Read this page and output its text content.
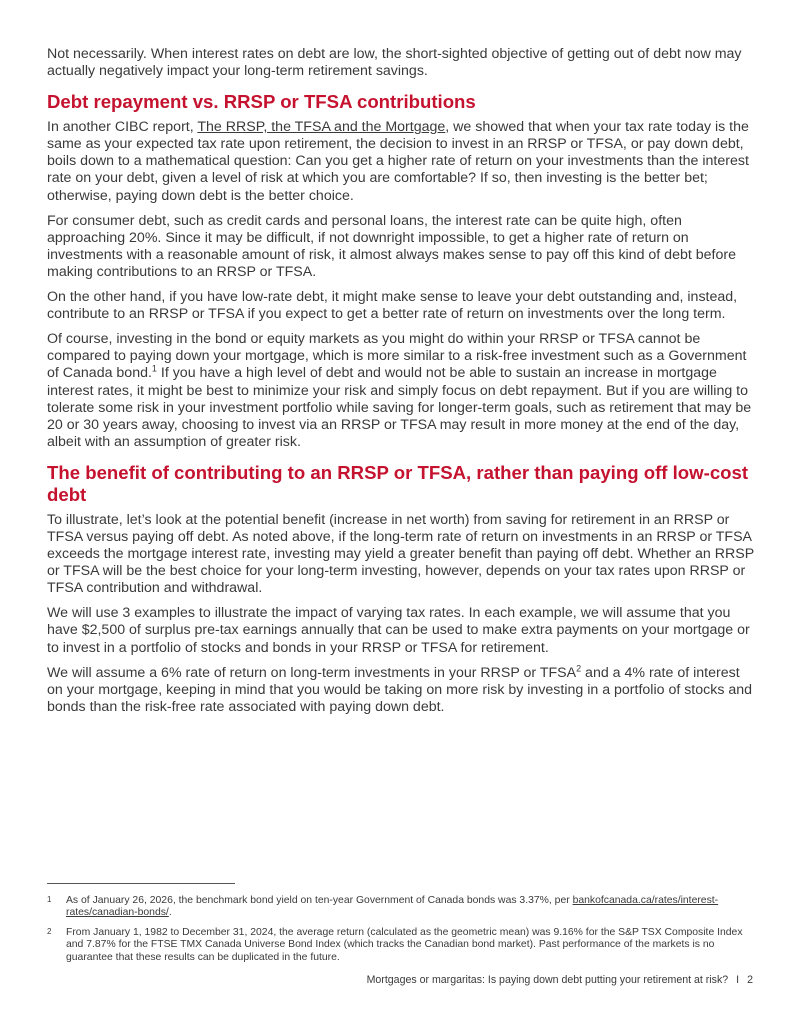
Not necessarily. When interest rates on debt are low, the short-sighted objective of getting out of debt now may actually negatively impact your long-term retirement savings.

Debt repayment vs. RRSP or TFSA contributions

In another CIBC report, The RRSP, the TFSA and the Mortgage, we showed that when your tax rate today is the same as your expected tax rate upon retirement, the decision to invest in an RRSP or TFSA, or pay down debt, boils down to a mathematical question: Can you get a higher rate of return on your investments than the interest rate on your debt, given a level of risk at which you are comfortable? If so, then investing is the better bet; otherwise, paying down debt is the better choice.

For consumer debt, such as credit cards and personal loans, the interest rate can be quite high, often approaching 20%. Since it may be difficult, if not downright impossible, to get a higher rate of return on investments with a reasonable amount of risk, it almost always makes sense to pay off this kind of debt before making contributions to an RRSP or TFSA.

On the other hand, if you have low-rate debt, it might make sense to leave your debt outstanding and, instead, contribute to an RRSP or TFSA if you expect to get a better rate of return on investments over the long term.

Of course, investing in the bond or equity markets as you might do within your RRSP or TFSA cannot be compared to paying down your mortgage, which is more similar to a risk-free investment such as a Government of Canada bond.$^1$ If you have a high level of debt and would not be able to sustain an increase in mortgage interest rates, it might be best to minimize your risk and simply focus on debt repayment. But if you are willing to tolerate some risk in your investment portfolio while saving for longer-term goals, such as retirement that may be 20 or 30 years away, choosing to invest via an RRSP or TFSA may result in more money at the end of the day, albeit with an assumption of greater risk.

The benefit of contributing to an RRSP or TFSA, rather than paying off low-cost debt

To illustrate, let’s look at the potential benefit (increase in net worth) from saving for retirement in an RRSP or TFSA versus paying off debt. As noted above, if the long-term rate of return on investments in an RRSP or TFSA exceeds the mortgage interest rate, investing may yield a greater benefit than paying off debt. Whether an RRSP or TFSA will be the best choice for your long-term investing, however, depends on your tax rates upon RRSP or TFSA contribution and withdrawal.

We will use 3 examples to illustrate the impact of varying tax rates. In each example, we will assume that you have $2,500 of surplus pre-tax earnings annually that can be used to make extra payments on your mortgage or to invest in a portfolio of stocks and bonds in your RRSP or TFSA for retirement.

We will assume a 6% rate of return on long-term investments in your RRSP or TFSA$^2$ and a 4% rate of interest on your mortgage, keeping in mind that you would be taking on more risk by investing in a portfolio of stocks and bonds than the risk-free rate associated with paying down debt.

1	As of January 26, 2026, the benchmark bond yield on ten-year Government of Canada bonds was 3.37%, per bankofcanada.ca/rates/interest-rates/canadian-bonds/.
2	From January 1, 1982 to December 31, 2024, the average return (calculated as the geometric mean) was 9.16% for the S&P TSX Composite Index and 7.87% for the FTSE TMX Canada Universe Bond Index (which tracks the Canadian bond market). Past performance of the markets is no guarantee that these results can be duplicated in the future.
Mortgages or margaritas: Is paying down debt putting your retirement at risk? I 2
